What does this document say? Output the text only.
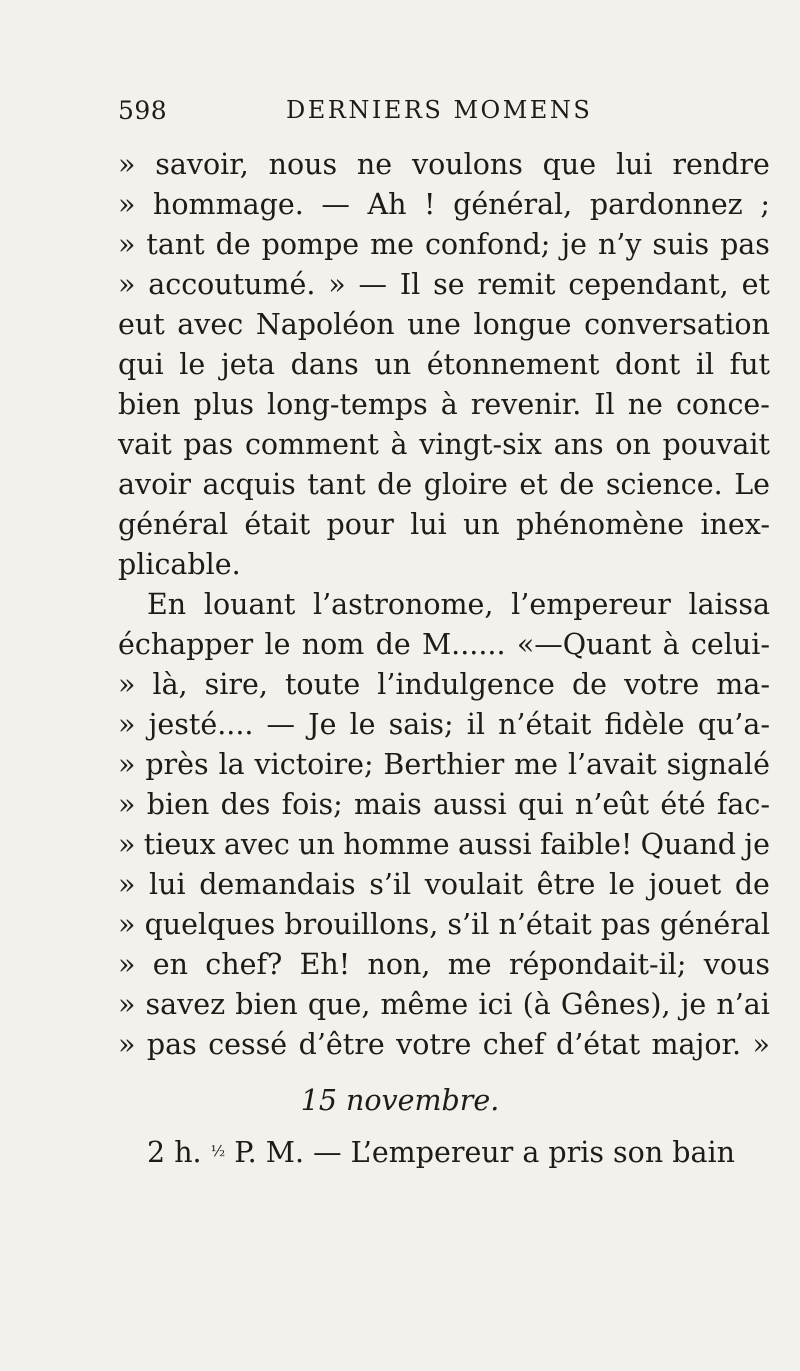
598	DERNIERS MOMENS
» savoir, nous ne voulons que lui rendre
» hommage. — Ah ! général, pardonnez ;
» tant de pompe me confond; je n’y suis pas
» accoutumé. » — Il se remit cependant, et
eut avec Napoléon une longue conversation
qui le jeta dans un étonnement dont il fut
bien plus long-temps à revenir. Il ne conce-
vait pas comment à vingt-six ans on pouvait
avoir acquis tant de gloire et de science. Le
général était pour lui un phénomène inex-
plicable.
En louant l’astronome, l’empereur laissa
échapper le nom de M...... «—Quant à celui-
» là, sire, toute l’indulgence de votre ma-
» jesté.... — Je le sais; il n’était fidèle qu’a-
» près la victoire; Berthier me l’avait signalé
» bien des fois; mais aussi qui n’eût été fac-
» tieux avec un homme aussi faible! Quand je
» lui demandais s’il voulait être le jouet de
» quelques brouillons, s’il n’était pas général
» en chef? Eh! non, me répondait-il; vous
» savez bien que, même ici (à Gênes), je n’ai
» pas cessé d’être votre chef d’état major. »
15 novembre.
2 h. $^{\frac{1}{2}}$ P. M. — L’empereur a pris son bain
